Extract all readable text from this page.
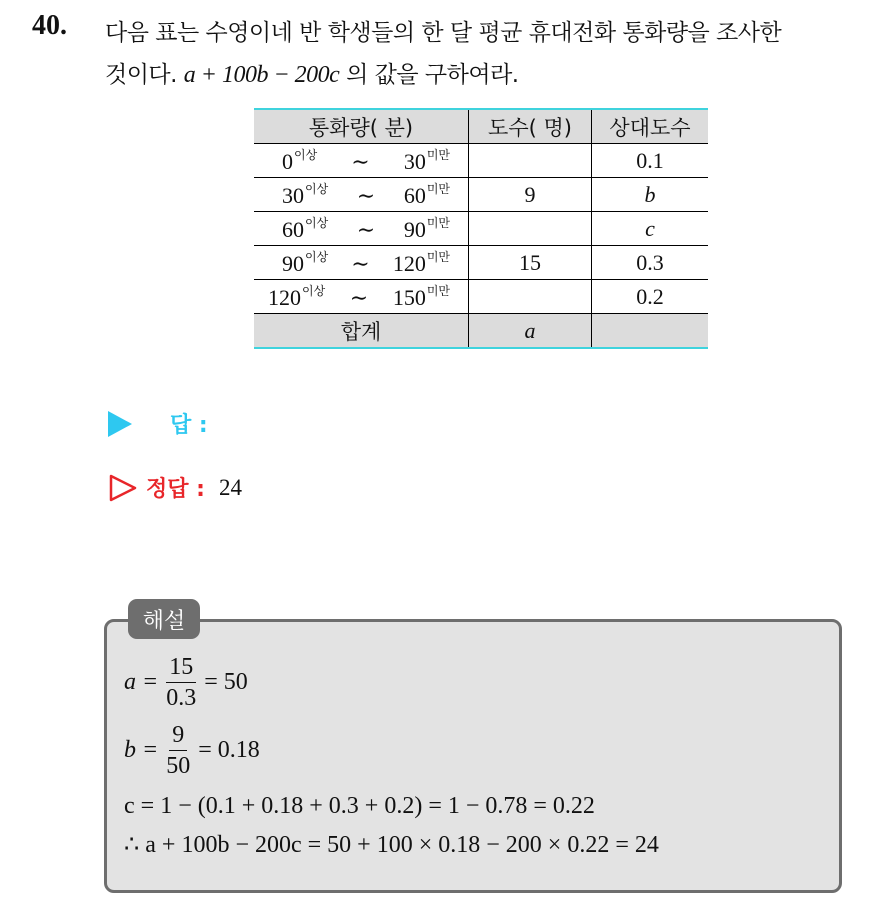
40. 다음 표는 수영이네 반 학생들의 한 달 평균 휴대전화 통화량을 조사한
것이다. a + 100b − 200c 의 값을 구하여라.
통화량( 분)	도수( 명)	상대도수

$0^{이상}$ ∼ $30^{미만}$		0.1

$30^{이상}$ ∼ $60^{미만}$	9	b

$60^{이상}$ ∼ $90^{미만}$		c

$90^{이상}$ ∼ $120^{미만}$	15	0.3

$120^{이상}$ ∼ $150^{미만}$		0.2
합계	a	
답 :
정답 : 24
해설
$a = \frac{15}{0.3} = 50$
$b = \frac{9}{50} = 0.18$
c = 1 − (0.1 + 0.18 + 0.3 + 0.2) = 1 − 0.78 = 0.22
∴ a + 100b − 200c = 50 + 100 × 0.18 − 200 × 0.22 = 24
